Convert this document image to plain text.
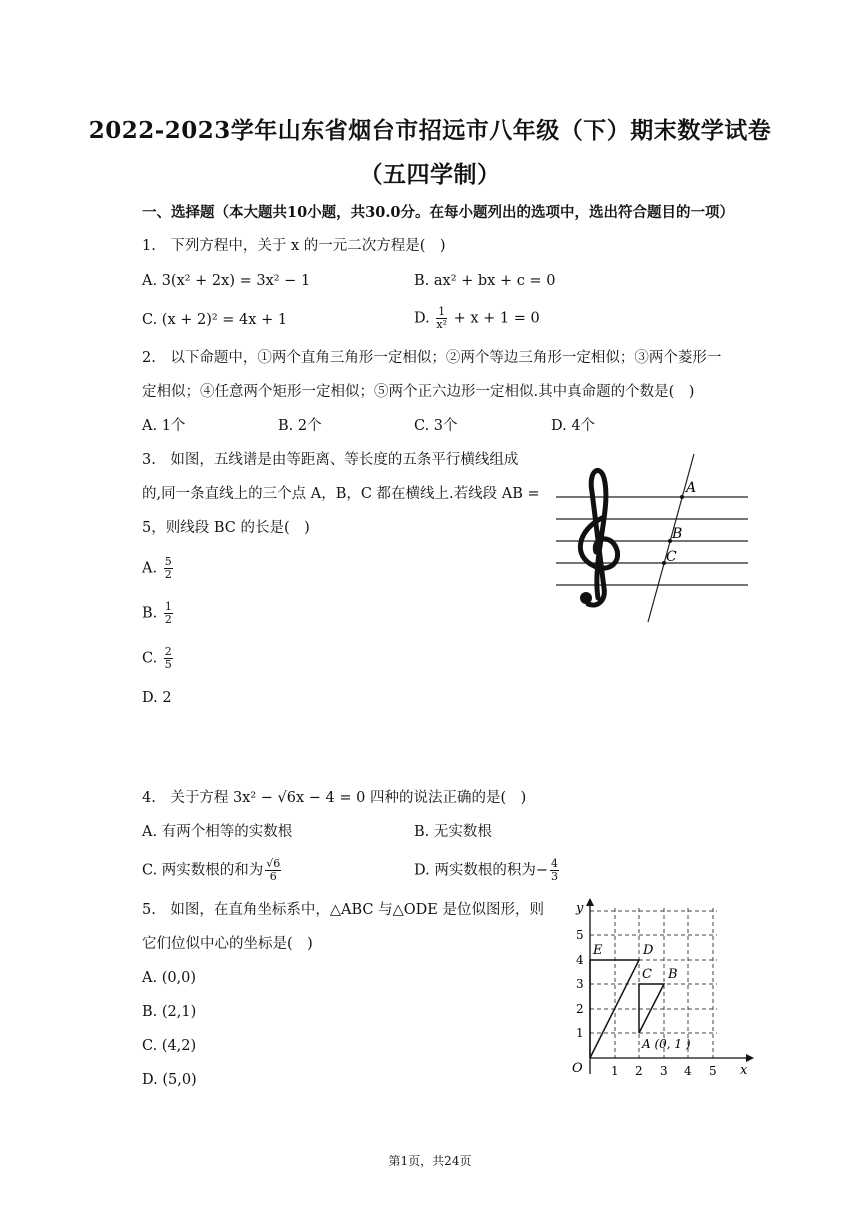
2022-2023学年山东省烟台市招远市八年级（下）期末数学试卷
（五四学制）
一、选择题（本大题共10小题，共30.0分。在每小题列出的选项中，选出符合题目的一项）
1.　下列方程中，关于 x 的一元二次方程是(　)
A. 3(x² + 2x) = 3x² − 1	B. ax² + bx + c = 0
C. (x + 2)² = 4x + 1	D. $\frac{1}{\text{x²}} + x + 1 = 0$
2.　以下命题中，①两个直角三角形一定相似；②两个等边三角形一定相似；③两个菱形一
定相似；④任意两个矩形一定相似；⑤两个正六边形一定相似.其中真命题的个数是(　)
A. 1个	B. 2个	C. 3个	D. 4个
3.　如图，五线谱是由等距离、等长度的五条平行横线组成
的,同一条直线上的三个点 A，B，C 都在横线上.若线段 AB =
5，则线段 BC 的长是(　)
A. $\frac{5}{2}$
B. $\frac{1}{2}$
C. $\frac{2}{5}$
D. 2
A
B
C
4.　关于方程 3x² − √6x − 4 = 0 四种的说法正确的是(　)
A. 有两个相等的实数根	B. 无实数根
C. 两实数根的和为 $\frac{√6}{6}$	D. 两实数根的积为− $\frac{4}{3}$
5.　如图，在直角坐标系中，△ABC 与△ODE 是位似图形，则
它们位似中心的坐标是(　)
A. (0,0)
B. (2,1)
C. (4,2)
D. (5,0)
x
y
O 1 2 3 4 5
1
2
3
4
5
E	D
C B
A (0, 1 )
第1页，共24页
